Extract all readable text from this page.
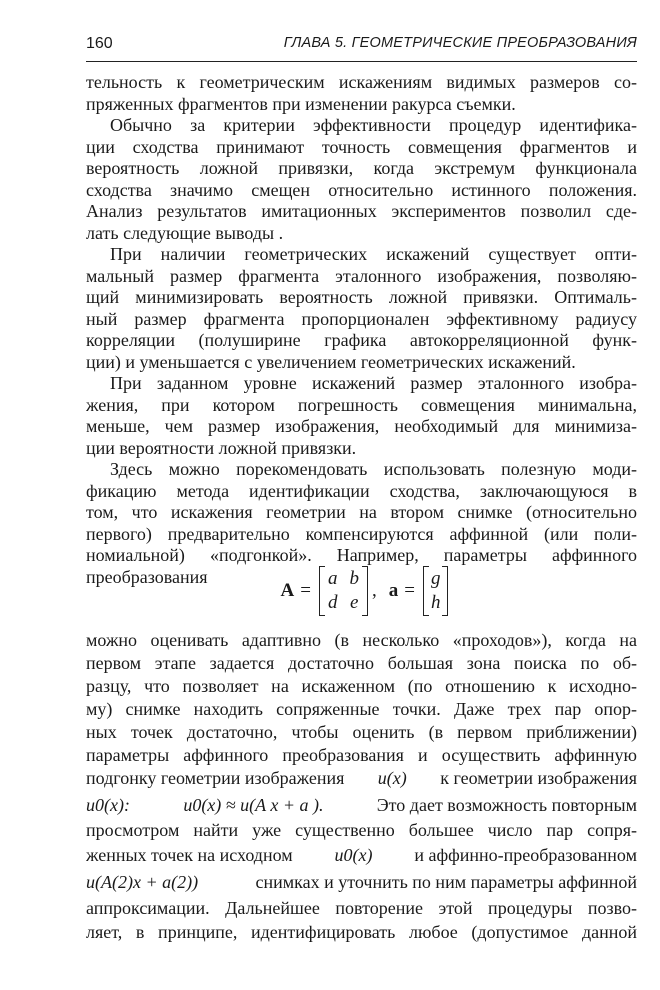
160	ГЛАВА 5. ГЕОМЕТРИЧЕСКИЕ ПРЕОБРАЗОВАНИЯ
тельность к геометрическим искажениям видимых размеров со-
пряженных фрагментов при изменении ракурса съемки.
Обычно за критерии эффективности процедур идентифика-
ции сходства принимают точность совмещения фрагментов и
вероятность ложной привязки, когда экстремум функционала
сходства значимо смещен относительно истинного положения.
Анализ результатов имитационных экспериментов позволил сде-
лать следующие выводы .
При наличии геометрических искажений существует опти-
мальный размер фрагмента эталонного изображения, позволяю-
щий минимизировать вероятность ложной привязки. Оптималь-
ный размер фрагмента пропорционален эффективному радиусу
корреляции (полуширине графика автокорреляционной функ-
ции) и уменьшается с увеличением геометрических искажений.
При заданном уровне искажений размер эталонного изобра-
жения, при котором погрешность совмещения минимальна,
меньше, чем размер изображения, необходимый для минимиза-
ции вероятности ложной привязки.
Здесь можно порекомендовать использовать полезную моди-
фикацию метода идентификации сходства, заключающуюся в
том, что искажения геометрии на втором снимке (относительно
первого) предварительно компенсируются аффинной (или поли-
A =
a b
d e
, a =
g
h
можно оценивать адаптивно (в несколько «проходов»), когда на
первом этапе задается достаточно большая зона поиска по об-
разцу, что позволяет на искаженном (по отношению к исходно-
му) снимке находить сопряженные точки. Даже трех пар опор-
ных точек достаточно, чтобы оценить (в первом приближении)
параметры аффинного преобразования и осуществить аффинную
подгонку геометрии изображения u(x) к геометрии изображения
u0(x):	u0(x) ≈ u(A x + a ).	Это дает возможность повторным
просмотром найти уже существенно большее число пар сопря-
женных точек на исходном u0(x) и аффинно-преобразованном
u(A(2)x + a(2))	снимках и уточнить по ним параметры аффинной
аппроксимации. Дальнейшее повторение этой процедуры позво-
ляет, в принципе, идентифицировать любое (допустимое данной
номиальной) «подгонкой». Например, параметры аффинного
преобразования
